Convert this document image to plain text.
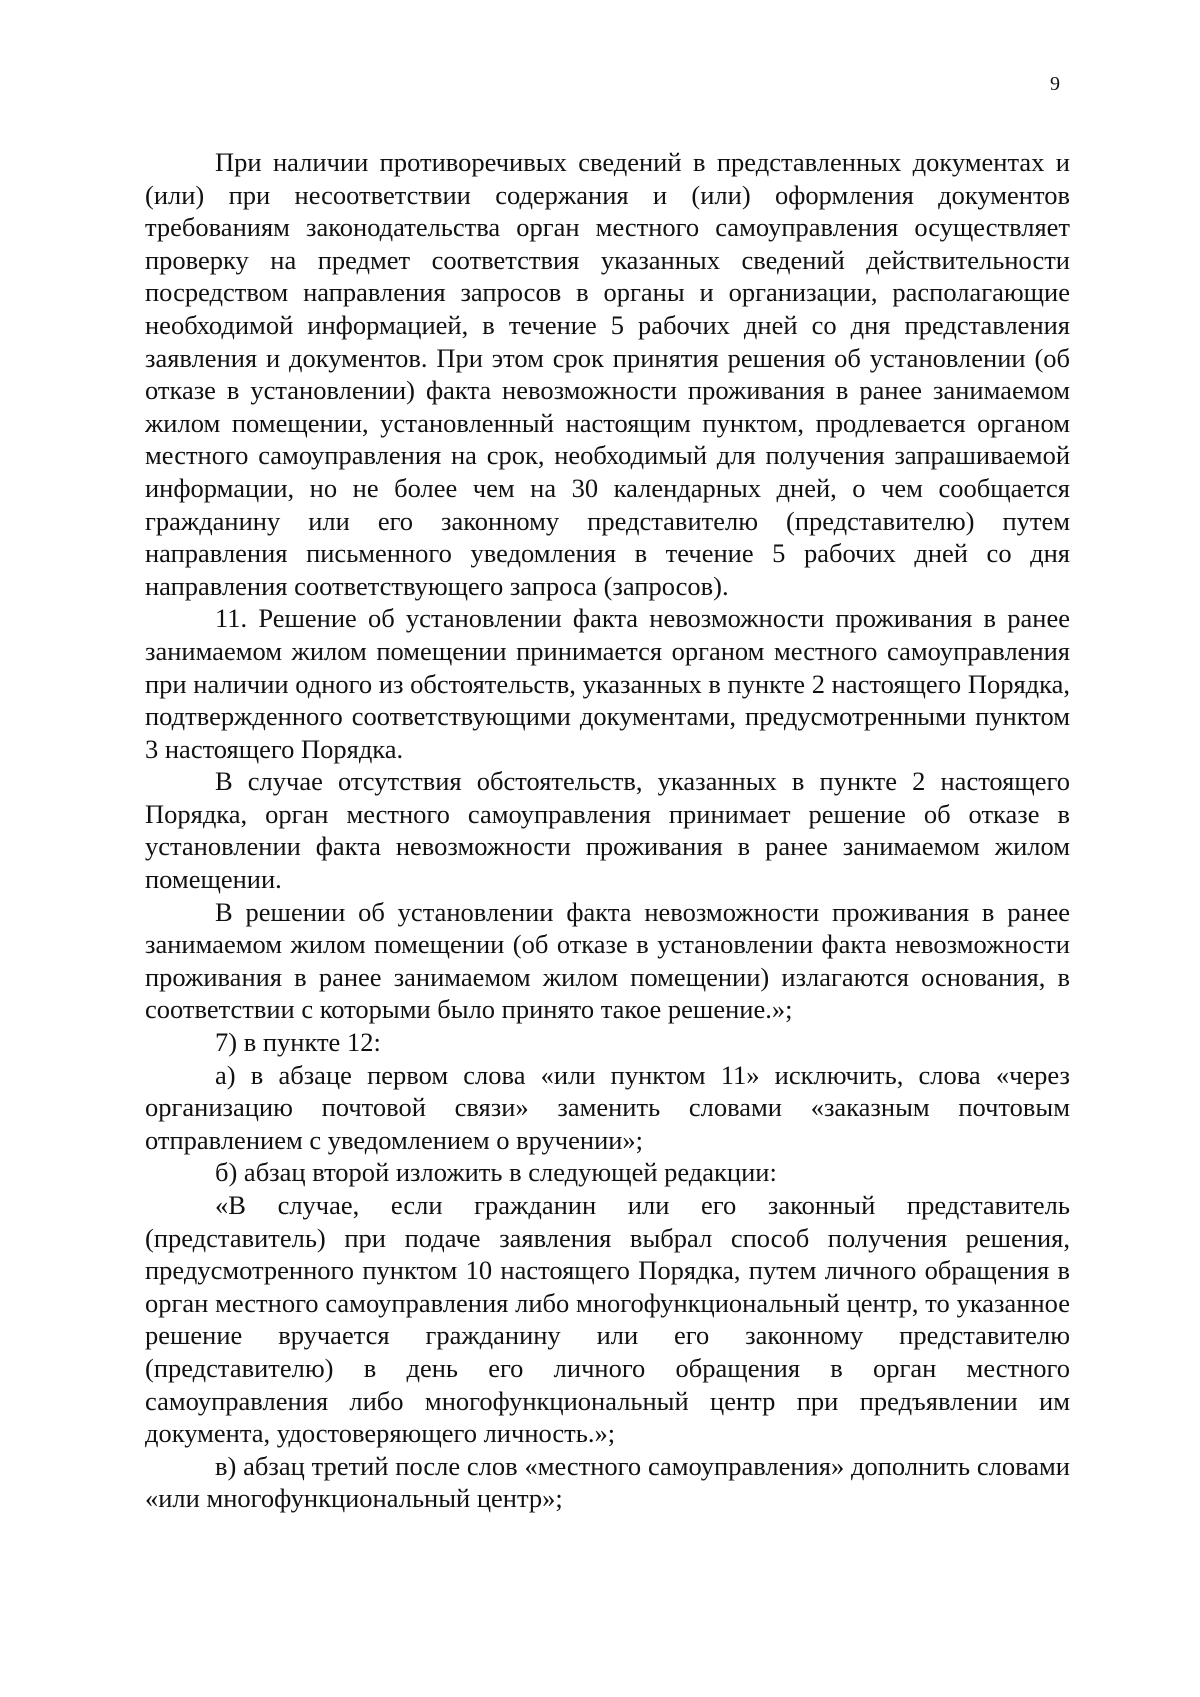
9

При наличии противоречивых сведений в представленных документах и (или) при несоответствии содержания и (или) оформления документов требованиям законодательства орган местного самоуправления осуществляет проверку на предмет соответствия указанных сведений действительности посредством направления запросов в органы и организации, располагающие необходимой информацией, в течение 5 рабочих дней со дня представления заявления и документов. При этом срок принятия решения об установлении (об отказе в установлении) факта невозможности проживания в ранее занимаемом жилом помещении, установленный настоящим пунктом, продлевается органом местного самоуправления на срок, необходимый для получения запрашиваемой информации, но не более чем на 30 календарных дней, о чем сообщается гражданину или его законному представителю (представителю) путем направления письменного уведомления в течение 5 рабочих дней со дня направления соответствующего запроса (запросов).

11. Решение об установлении факта невозможности проживания в ранее занимаемом жилом помещении принимается органом местного самоуправления при наличии одного из обстоятельств, указанных в пункте 2 настоящего Порядка, подтвержденного соответствующими документами, предусмотренными пунктом 3 настоящего Порядка.

В случае отсутствия обстоятельств, указанных в пункте 2 настоящего Порядка, орган местного самоуправления принимает решение об отказе в установлении факта невозможности проживания в ранее занимаемом жилом помещении.

В решении об установлении факта невозможности проживания в ранее занимаемом жилом помещении (об отказе в установлении факта невозможности проживания в ранее занимаемом жилом помещении) излагаются основания, в соответствии с которыми было принято такое решение.»;

7) в пункте 12:

а) в абзаце первом слова «или пунктом 11» исключить, слова «через организацию почтовой связи» заменить словами «заказным почтовым отправлением с уведомлением о вручении»;

б) абзац второй изложить в следующей редакции:

«В случае, если гражданин или его законный представитель (представитель) при подаче заявления выбрал способ получения решения, предусмотренного пунктом 10 настоящего Порядка, путем личного обращения в орган местного самоуправления либо многофункциональный центр, то указанное решение вручается гражданину или его законному представителю (представителю) в день его личного обращения в орган местного самоуправления либо многофункциональный центр при предъявлении им документа, удостоверяющего личность.»;

в) абзац третий после слов «местного самоуправления» дополнить словами «или многофункциональный центр»;
